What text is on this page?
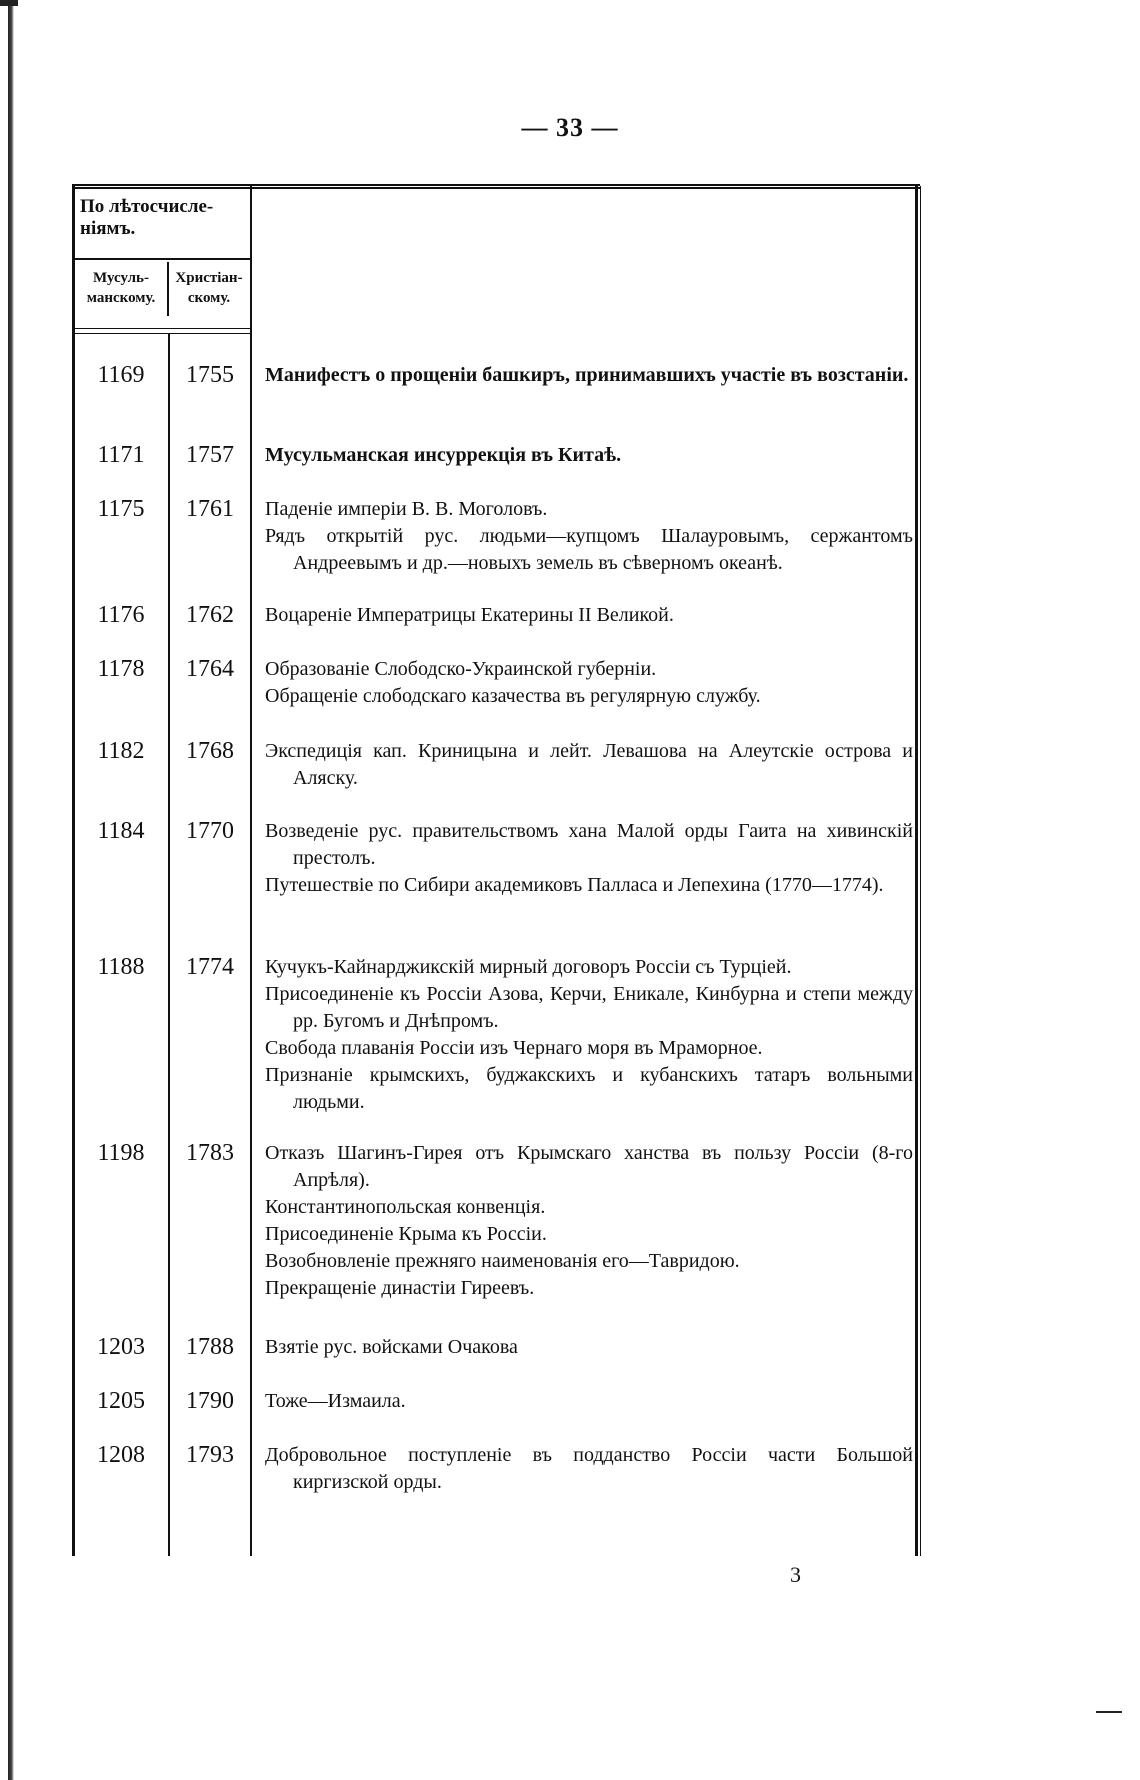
— 33 —
По лѣтосчисле-ніямъ.
Мусуль-манскому.
Христіан-скому.
1169	1755	Манифестъ о прощеніи башкиръ, принимавшихъ участіе въ возстаніи.
1171	1757	Мусульманская инсуррекція въ Китаѣ.
1175	1761	Паденіе имперіи В. В. Моголовъ.
Рядъ открытій рус. людьми—купцомъ Шалауровымъ, сержантомъ Андреевымъ и др.—новыхъ земель въ сѣверномъ океанѣ.
1176	1762	Воцареніе Императрицы Екатерины II Великой.
1178	1764	Образованіе Слободско-Украинской губерніи.
Обращеніе слободскаго казачества въ регулярную службу.
1182	1768	Экспедиція кап. Криницына и лейт. Левашова на Алеутскіе острова и Аляску.
1184	1770	Возведеніе рус. правительствомъ хана Малой орды Гаита на хивинскій престолъ.
Путешествіе по Сибири академиковъ Палласа и Лепехина (1770—1774).
1188	1774	Кучукъ-Кайнарджикскій мирный договоръ Россіи съ Турціей.
Присоединеніе къ Россіи Азова, Керчи, Еникале, Кинбурна и степи между рр. Бугомъ и Днѣпромъ.
Свобода плаванія Россіи изъ Чернаго моря въ Мраморное.
Признаніе крымскихъ, буджакскихъ и кубанскихъ татаръ вольными людьми.
1198	1783	Отказъ Шагинъ-Гирея отъ Крымскаго ханства въ пользу Россіи (8-го Апрѣля).
Константинопольская конвенція.
Присоединеніе Крыма къ Россіи.
Возобновленіе прежняго наименованія его—Тавридою.
Прекращеніе династіи Гиреевъ.
1203	1788	Взятіе рус. войсками Очакова
1205	1790	Тоже—Измаила.
1208	1793	Добровольное поступленіе въ подданство Россіи части Большой киргизской орды.
3
